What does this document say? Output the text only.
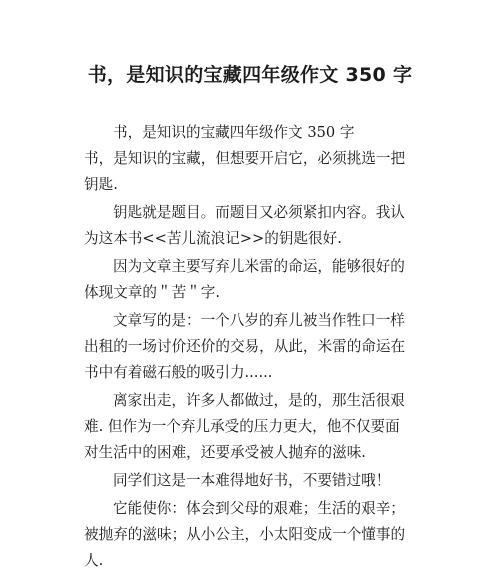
书，是知识的宝藏四年级作文 350 字
书，是知识的宝藏四年级作文 350 字
书，是知识的宝藏，但想要开启它，必须挑选一把
钥匙.
钥匙就是题目。而题目又必须紧扣内容。我认
为这本书<<苦儿流浪记>>的钥匙很好.
因为文章主要写弃儿米雷的命运，能够很好的
体现文章的＂苦＂字.
文章写的是：一个八岁的弃儿被当作牲口一样
出租的一场讨价还价的交易，从此，米雷的命运在
书中有着磁石般的吸引力......
离家出走，许多人都做过，是的，那生活很艰
难. 但作为一个弃儿承受的压力更大，他不仅要面
对生活中的困难，还要承受被人抛弃的滋味.
同学们这是一本难得地好书，不要错过哦！
它能使你：体会到父母的艰难；生活的艰辛；
被抛弃的滋味；从小公主，小太阳变成一个懂事的
人.
